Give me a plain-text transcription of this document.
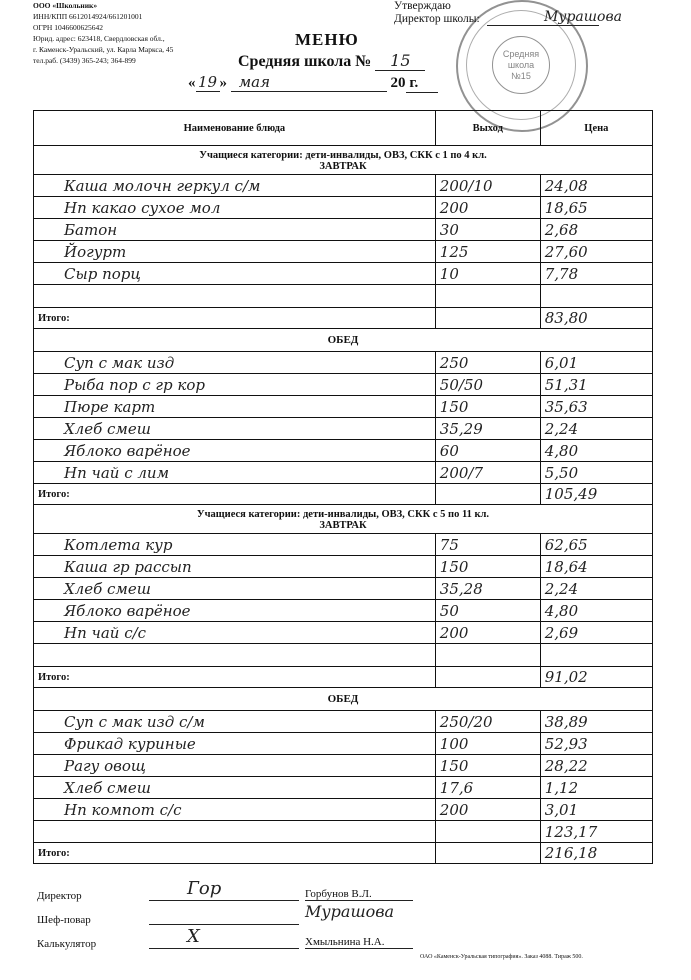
ООО «Школьник»
ИНН/КПП 6612014924/661201001
ОГРН 1046600625642
Юрид. адрес: 623418, Свердловская обл.,
г. Каменск-Уральский, ул. Карла Маркса, 45
тел.раб. (3439) 365-243; 364-899
Средняя
школа
№15
Утверждаю
Директор школы:	Мурашова
МЕНЮ
Средняя школа № 15
« 19 » мая	20 г.
Наименование блюда	Выход	Цена

Учащиеся категории: дети-инвалиды, ОВЗ, СКК с 1 по 4 кл.
ЗАВТРАК		

Каша молочн геркул с/м	200/10	24,08
Нп какао сухое мол	200	18,65
Батон	30	2,68
Йогурт	125	27,60
Сыр порц	10	7,78

Итого:		83,80
ОБЕД		
Суп с мак изд	250	6,01
Рыба пор с гр кор	50/50	51,31
Пюре карт	150	35,63
Хлеб смеш	35,29	2,24
Яблоко варёное	60	4,80
Нп чай с лим	200/7	5,50
Итого:		105,49

Учащиеся категории: дети-инвалиды, ОВЗ, СКК с 5 по 11 кл.
ЗАВТРАК		

Котлета кур	75	62,65
Каша гр рассып	150	18,64
Хлеб смеш	35,28	2,24
Яблоко варёное	50	4,80
Нп чай с/с	200	2,69

Итого:		91,02
ОБЕД		
Суп с мак изд с/м	250/20	38,89
Фрикад куриные	100	52,93
Рагу овощ	150	28,22
Хлеб смеш	17,6	1,12
Нп компот с/с	200	3,01
		123,17
Итого:		216,18
Директор	Гор	Горбунов В.Л.
Шеф-повар	Мурашова
Калькулятор	Х	Хмыльнина Н.А.
ОАО «Каменск-Уральская типография». Заказ 4088. Тираж 500.
